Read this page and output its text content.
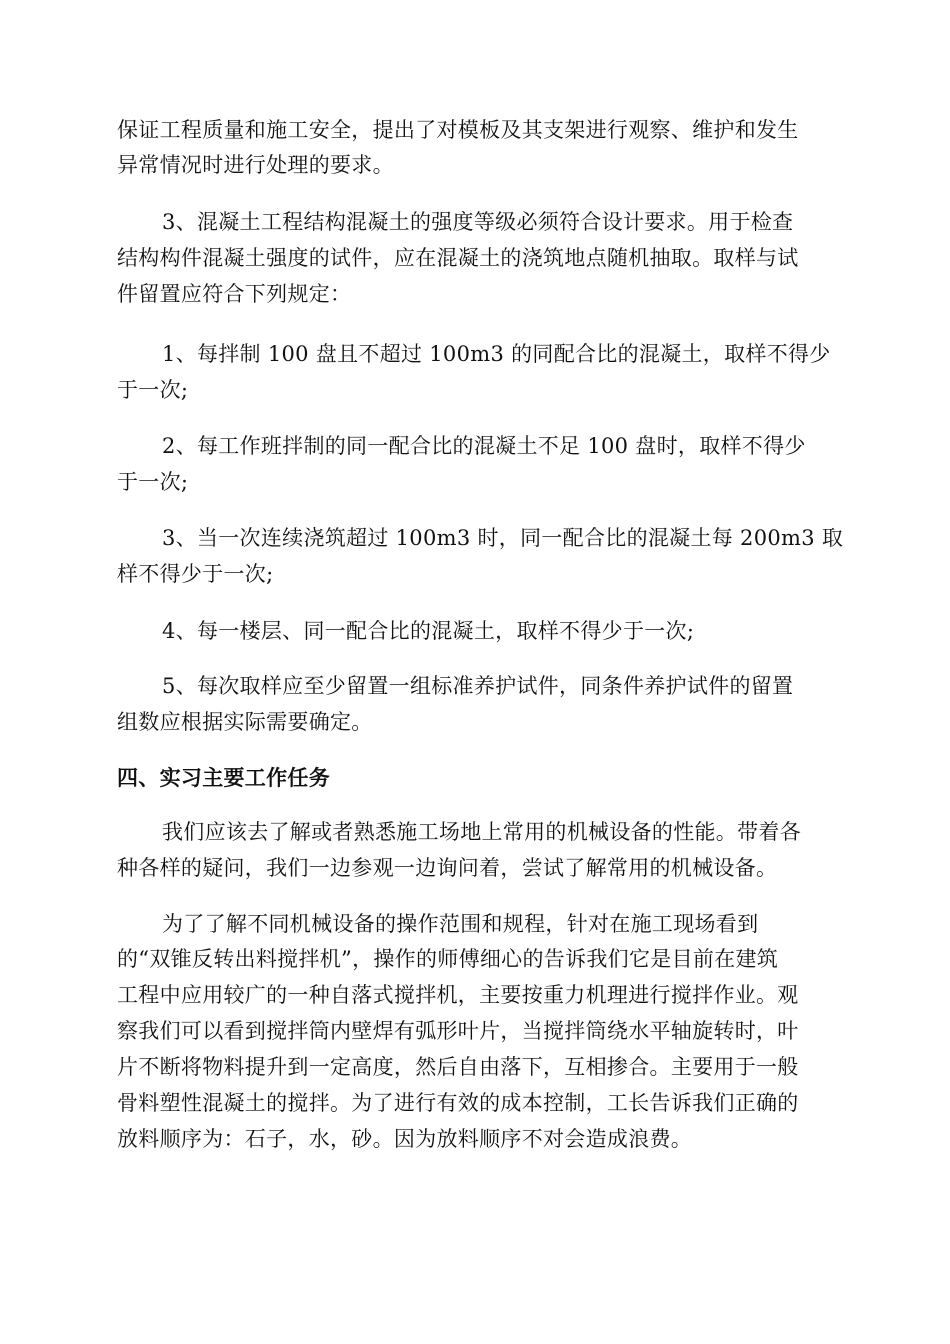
保证工程质量和施工安全，提出了对模板及其支架进行观察、维护和发生
异常情况时进行处理的要求。
3、混凝土工程结构混凝土的强度等级必须符合设计要求。用于检查
结构构件混凝土强度的试件，应在混凝土的浇筑地点随机抽取。取样与试
件留置应符合下列规定：
1、每拌制 100 盘且不超过 100m3 的同配合比的混凝土，取样不得少
于一次;
2、每工作班拌制的同一配合比的混凝土不足 100 盘时，取样不得少
于一次;
3、当一次连续浇筑超过 100m3 时，同一配合比的混凝土每 200m3 取
样不得少于一次;
4、每一楼层、同一配合比的混凝土，取样不得少于一次;
5、每次取样应至少留置一组标准养护试件，同条件养护试件的留置
组数应根据实际需要确定。
四、实习主要工作任务
我们应该去了解或者熟悉施工场地上常用的机械设备的性能。带着各
种各样的疑问，我们一边参观一边询问着，尝试了解常用的机械设备。
为了了解不同机械设备的操作范围和规程，针对在施工现场看到
的“双锥反转出料搅拌机”，操作的师傅细心的告诉我们它是目前在建筑
工程中应用较广的一种自落式搅拌机，主要按重力机理进行搅拌作业。观
察我们可以看到搅拌筒内壁焊有弧形叶片，当搅拌筒绕水平轴旋转时，叶
片不断将物料提升到一定高度，然后自由落下，互相掺合。主要用于一般
骨料塑性混凝土的搅拌。为了进行有效的成本控制，工长告诉我们正确的
放料顺序为：石子，水，砂。因为放料顺序不对会造成浪费。
